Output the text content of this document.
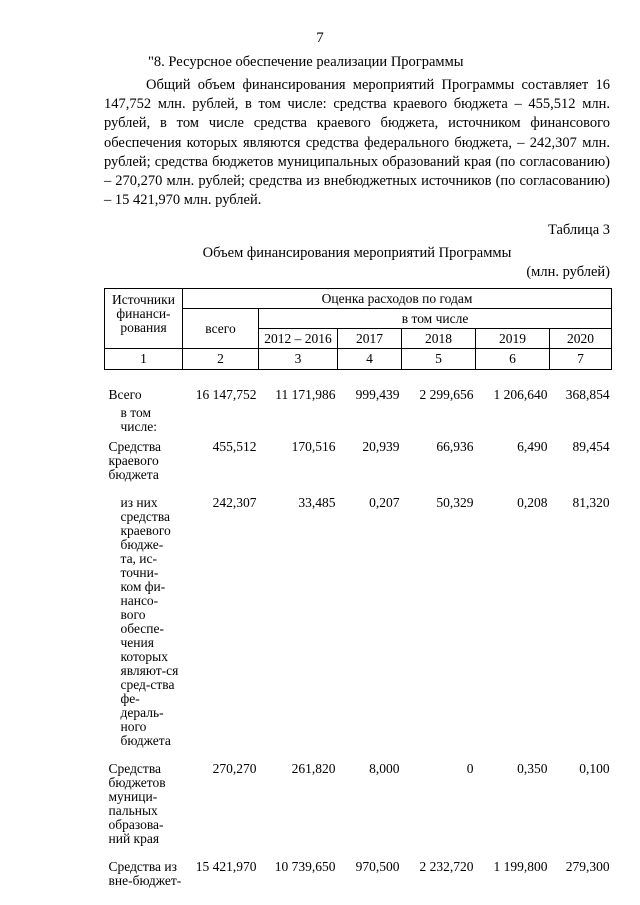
7
"8. Ресурсное обеспечение реализации Программы

Общий объем финансирования мероприятий Программы составляет 16 147,752 млн. рублей, в том числе: средства краевого бюджета – 455,512 млн. рублей, в том числе средства краевого бюджета, источником финансового обеспечения которых являются средства федерального бюджета, – 242,307 млн. рублей; средства бюджетов муниципальных образований края (по согласованию) – 270,270 млн. рублей; средства из внебюджетных источников (по согласованию) – 15 421,970 млн. рублей.

Таблица 3
Объем финансирования мероприятий Программы
(млн. рублей)
Источники финанси-рования	Оценка расходов по годам					
	всего	в том числе				
		2012 – 2016	2017	2018	2019	2020
1	2	3	4	5	6	7
Всего	16 147,752	11 171,986	999,439	2 299,656	1 206,640	368,854
в том числе:						
Средства краевого бюджета	455,512	170,516	20,939	66,936	6,490	89,454
из них средства краевого бюдже-та, ис-точни-ком фи-нансо-вого обеспе-чения которых являют-ся сред-ства фе-дераль-ного бюджета	242,307	33,485	0,207	50,329	0,208	81,320
Средства бюджетов муници-пальных образова-ний края	270,270	261,820	8,000	0	0,350	0,100
Средства из вне-бюджет-	15 421,970	10 739,650	970,500	2 232,720	1 199,800	279,300
